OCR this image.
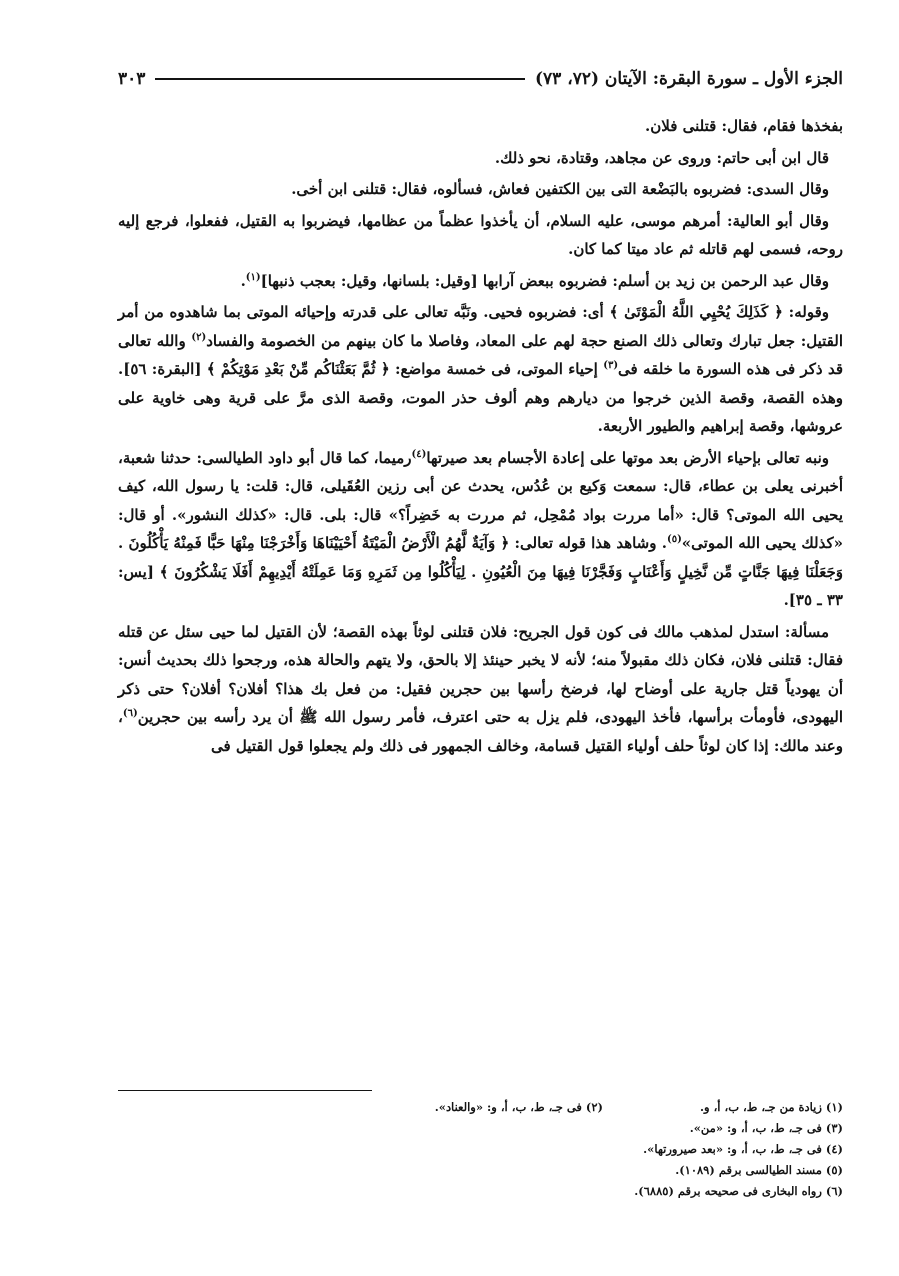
الجزء الأول ـ سورة البقرة: الآيتان (٧٢، ٧٣)
٣٠٣

بفخذها فقام، فقال: قتلنى فلان.

قال ابن أبى حاتم: وروى عن مجاهد، وقتادة، نحو ذلك.

وقال السدى: فضربوه بالبَضْعة التى بين الكتفين فعاش، فسألوه، فقال: قتلنى ابن أخى.

وقال أبو العالية: أمرهم موسى، عليه السلام، أن يأخذوا عظماً من عظامها، فيضربوا به القتيل، ففعلوا، فرجع إليه روحه، فسمى لهم قاتله ثم عاد ميتا كما كان.

وقال عبد الرحمن بن زيد بن أسلم: فضربوه ببعض آرابها [وقيل: بلسانها، وقيل: بعجب ذنبها]$^{(١)}$.

وقوله: ﴿ كَذَلِكَ يُحْيِي اللَّهُ الْمَوْتَىٰ ﴾ أى: فضربوه فحيى. ونَبَّه تعالى على قدرته وإحيائه الموتى بما شاهدوه من أمر القتيل: جعل تبارك وتعالى ذلك الصنع حجة لهم على المعاد، وفاصلا ما كان بينهم من الخصومة والفساد$^{(٢)}$ والله تعالى قد ذكر فى هذه السورة ما خلقه فى$^{(٣)}$ إحياء الموتى، فى خمسة مواضع: ﴿ ثُمَّ بَعَثْنَاكُم مِّنْ بَعْدِ مَوْتِكُمْ ﴾ [البقرة: ٥٦]. وهذه القصة، وقصة الذين خرجوا من ديارهم وهم ألوف حذر الموت، وقصة الذى مرَّ على قرية وهى خاوية على عروشها، وقصة إبراهيم والطيور الأربعة.

ونبه تعالى بإحياء الأرض بعد موتها على إعادة الأجسام بعد صيرتها$^{(٤)}$رميما، كما قال أبو داود الطيالسى: حدثنا شعبة، أخبرنى يعلى بن عطاء، قال: سمعت وَكيع بن عُدُس، يحدث عن أبى رزين العُقَيلى، قال: قلت: يا رسول الله، كيف يحيى الله الموتى؟ قال: «أما مررت بواد مُمْحِل، ثم مررت به خَضِراً؟» قال: بلى. قال: «كذلك النشور». أو قال: «كذلك يحيى الله الموتى»$^{(٥)}$. وشاهد هذا قوله تعالى: ﴿ وَآيَةٌ لَّهُمُ الْأَرْضُ الْمَيْتَةُ أَحْيَيْنَاهَا وَأَخْرَجْنَا مِنْهَا حَبًّا فَمِنْهُ يَأْكُلُونَ . وَجَعَلْنَا فِيهَا جَنَّاتٍ مِّن نَّخِيلٍ وَأَعْنَابٍ وَفَجَّرْنَا فِيهَا مِنَ الْعُيُونِ . لِيَأْكُلُوا مِن ثَمَرِهِ وَمَا عَمِلَتْهُ أَيْدِيهِمْ أَفَلَا يَشْكُرُونَ ﴾ [يس: ٣٣ ـ ٣٥].

مسألة: استدل لمذهب مالك فى كون قول الجريح: فلان قتلنى لوثاً بهذه القصة؛ لأن القتيل لما حيى سئل عن قتله فقال: قتلنى فلان، فكان ذلك مقبولاً منه؛ لأنه لا يخبر حينئذ إلا بالحق، ولا يتهم والحالة هذه، ورجحوا ذلك بحديث أنس: أن يهودياً قتل جارية على أوضاح لها، فرضخ رأسها بين حجرين فقيل: من فعل بك هذا؟ أفلان؟ أفلان؟ حتى ذكر اليهودى، فأومأت برأسها، فأخذ اليهودى، فلم يزل به حتى اعترف، فأمر رسول الله ﷺ أن يرد رأسه بين حجرين$^{(٦)}$، وعند مالك: إذا كان لوثاً حلف أولياء القتيل قسامة، وخالف الجمهور فى ذلك ولم يجعلوا قول القتيل فى

(١) زيادة من جـ، ط، ب، أ، و.
(٢) فى جـ، ط، ب، أ، و: «والعناد».
(٣) فى جـ، ط، ب، أ، و: «من».
(٤) فى جـ، ط، ب، أ، و: «بعد صيرورتها».
(٥) مسند الطيالسى برقم (١٠٨٩).
(٦) رواه البخارى فى صحيحه برقم (٦٨٨٥).
